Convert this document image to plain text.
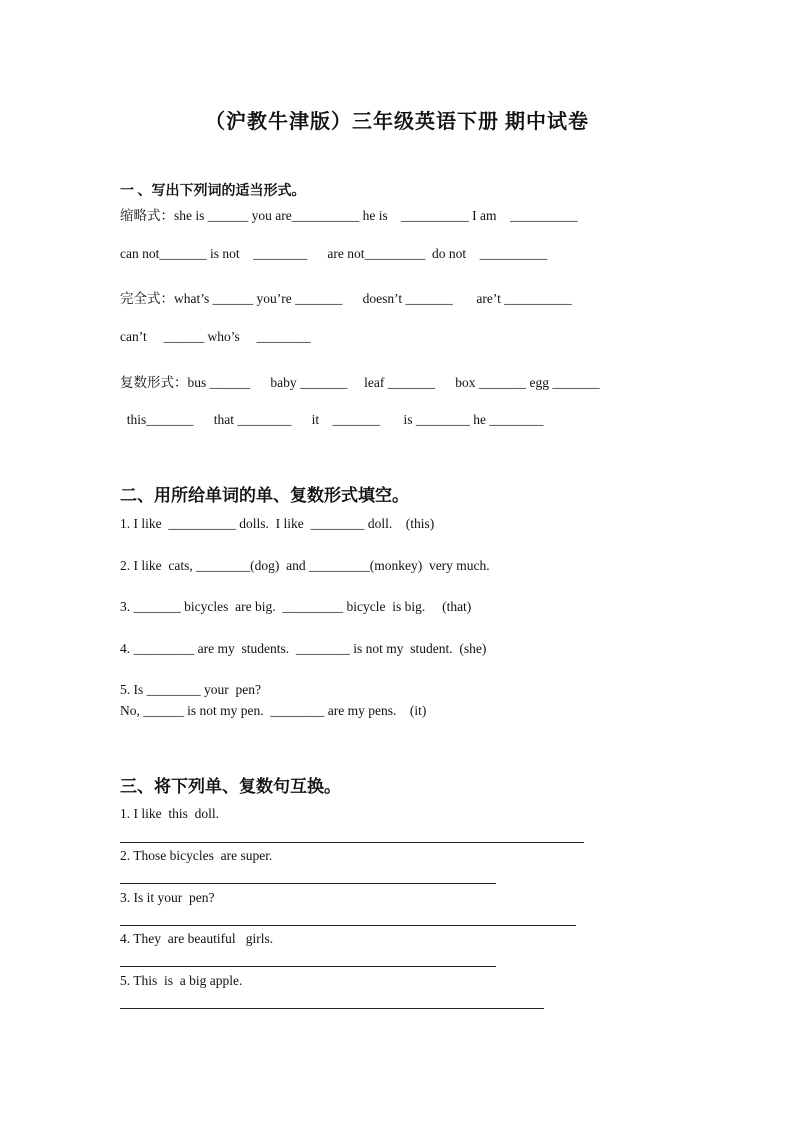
（沪教牛津版）三年级英语下册 期中试卷
一 、写出下列词的适当形式。
缩略式：she is ______ you are__________ he is    __________ I am    __________
can not_______ is not    ________      are not_________  do not    __________
完全式：what’s ______ you’re _______      doesn’t _______       are’t __________
can’t     ______ who’s     ________
复数形式：bus ______      baby _______     leaf _______      box _______ egg _______
this_______      that ________      it    _______       is ________ he ________
二、用所给单词的单、复数形式填空。
1. I like  __________ dolls.  I like  ________ doll.    (this)
2. I like  cats, ________(dog)  and _________(monkey)  very much.
3. _______ bicycles  are big.  _________ bicycle  is big.     (that)
4. _________ are my  students.  ________ is not my  student.  (she)
5. Is ________ your  pen?
No, ______ is not my pen.  ________ are my pens.    (it)
三、将下列单、复数句互换。
1. I like  this  doll.
2. Those bicycles  are super.
3. Is it your  pen?
4. They  are beautiful   girls.
5. This  is  a big apple.
